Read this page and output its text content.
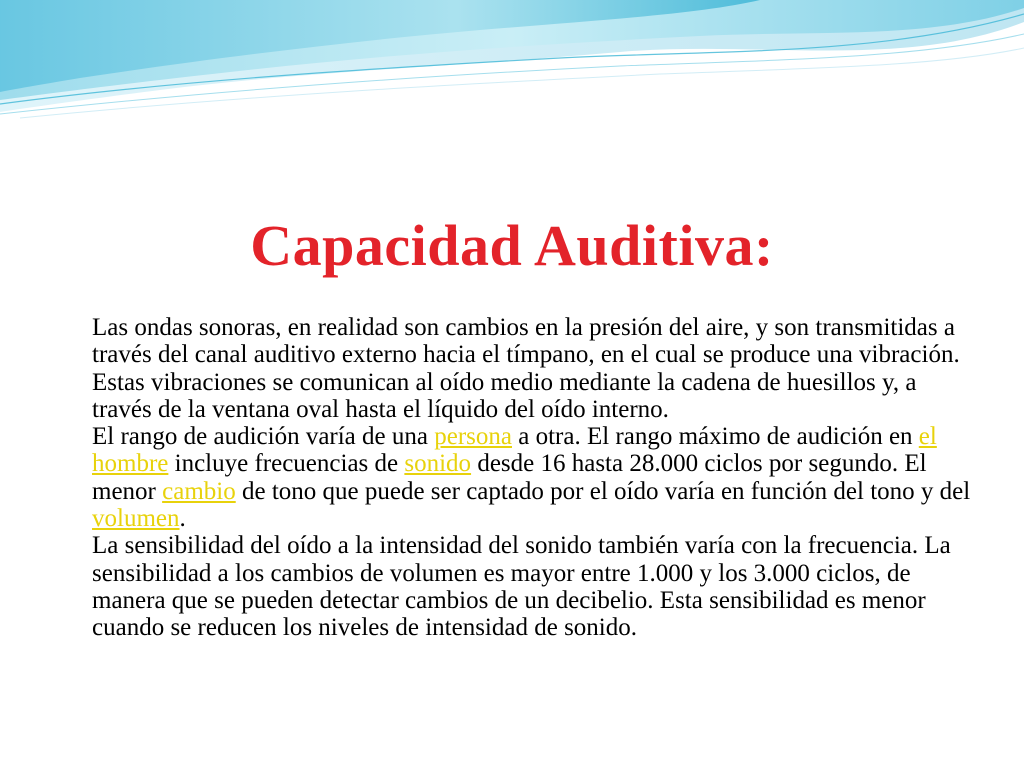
Capacidad Auditiva:

Las ondas sonoras, en realidad son cambios en la presión del aire, y son transmitidas a través del canal auditivo externo hacia el tímpano, en el cual se produce una vibración. Estas vibraciones se comunican al oído medio mediante la cadena de huesillos y, a través de la ventana oval hasta el líquido del oído interno.

El rango de audición varía de una persona a otra. El rango máximo de audición en el hombre incluye frecuencias de sonido desde 16 hasta 28.000 ciclos por segundo. El menor cambio de tono que puede ser captado por el oído varía en función del tono y del volumen.

La sensibilidad del oído a la intensidad del sonido también varía con la frecuencia. La sensibilidad a los cambios de volumen es mayor entre 1.000 y los 3.000 ciclos, de manera que se pueden detectar cambios de un decibelio. Esta sensibilidad es menor cuando se reducen los niveles de intensidad de sonido.
